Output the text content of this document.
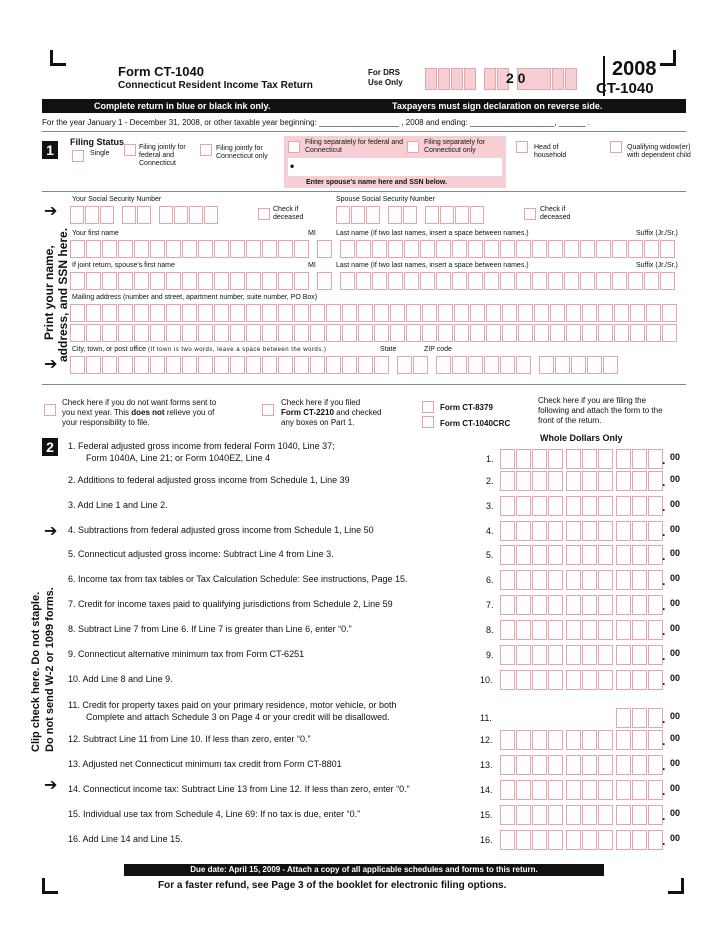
Form CT-1040
Connecticut Resident Income Tax Return
For DRS
Use Only	2 0	2008
CT-1040
Complete return in blue or black ink only.	Taxpayers must sign declaration on reverse side.
For the year January 1 - December 31, 2008, or other taxable year beginning: __________________ , 2008 and ending: ___________________, ______ .
1	Filing Status
Single
Filing jointly for federal and Connecticut
Filing jointly for Connecticut only
Filing separately for federal and Connecticut
Filing separately for Connecticut only
•
Enter spouse's name here and SSN below.
Head of household
Qualifying widow(er) with dependent child
Print your name, address, and SSN here.
➔
➔
Your Social Security Number
Check if deceased
Spouse Social Security Number
Check if deceased
Your first name	MI	Last name (If two last names, insert a space between names.)	Suffix (Jr./Sr.)
If joint return, spouse's first name	MI	Last name (If two last names, insert a space between names.)	Suffix (Jr./Sr.)
Mailing address (number and street, apartment number, suite number, PO Box)
City, town, or post office (If town is two words, leave a space between the words.)	State	ZIP code
Check here if you do not want forms sent to
you next year. This does not relieve you of
your responsibility to file.
Check here if you filed
Form CT-2210 and checked
any boxes on Part 1.
Form CT-8379
Form CT-1040CRC
Check here if you are filing the
following and attach the form to the
front of the return.
2
Whole Dollars Only
Clip check here. Do not staple. Do not send W-2 or 1099 forms.
➔
➔
1. Federal adjusted gross income from federal Form 1040, Line 37;
Form 1040A, Line 21; or Form 1040EZ, Line 4	1.	. 00
2. Additions to federal adjusted gross income from Schedule 1, Line 39	2.	. 00
3. Add Line 1 and Line 2.	3.	. 00
4. Subtractions from federal adjusted gross income from Schedule 1, Line 50	4.	. 00
5. Connecticut adjusted gross income: Subtract Line 4 from Line 3.	5.	. 00
6. Income tax from tax tables or Tax Calculation Schedule: See instructions, Page 15.	6.	. 00
7. Credit for income taxes paid to qualifying jurisdictions from Schedule 2, Line 59	7.	. 00
8. Subtract Line 7 from Line 6. If Line 7 is greater than Line 6, enter “0.”	8.	. 00
9. Connecticut alternative minimum tax from Form CT-6251	9.	. 00
10. Add Line 8 and Line 9.	10.	. 00
11. Credit for property taxes paid on your primary residence, motor vehicle, or both
Complete and attach Schedule 3 on Page 4 or your credit will be disallowed.	11.	. 00
12. Subtract Line 11 from Line 10. If less than zero, enter “0.”	12.	. 00
13. Adjusted net Connecticut minimum tax credit from Form CT-8801	13.	. 00
14. Connecticut income tax: Subtract Line 13 from Line 12. If less than zero, enter “0.”	14.	. 00
15. Individual use tax from Schedule 4, Line 69: If no tax is due, enter “0.”	15.	. 00
16. Add Line 14 and Line 15.	16.	. 00
Due date: April 15, 2009 - Attach a copy of all applicable schedules and forms to this return.
For a faster refund, see Page 3 of the booklet for electronic filing options.
